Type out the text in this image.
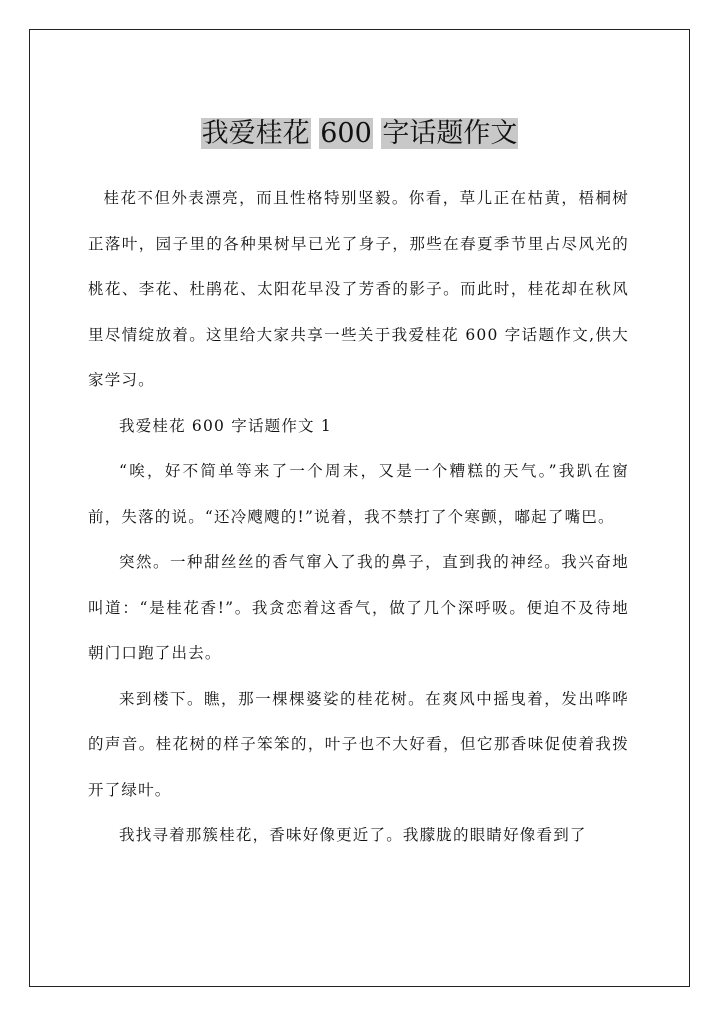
我爱桂花 600 字话题作文

桂花不但外表漂亮，而且性格特别坚毅。你看，草儿正在枯黄，梧桐树正落叶，园子里的各种果树早已光了身子，那些在春夏季节里占尽风光的桃花、李花、杜鹃花、太阳花早没了芳香的影子。而此时，桂花却在秋风里尽情绽放着。这里给大家共享一些关于我爱桂花 600 字话题作文,供大家学习。

我爱桂花 600 字话题作文 1

“唉，好不简单等来了一个周末，又是一个糟糕的天气。”我趴在窗前，失落的说。“还冷飕飕的!”说着，我不禁打了个寒颤，嘟起了嘴巴。

突然。一种甜丝丝的香气窜入了我的鼻子，直到我的神经。我兴奋地叫道：“是桂花香!”。我贪恋着这香气，做了几个深呼吸。便迫不及待地朝门口跑了出去。

来到楼下。瞧，那一棵棵婆娑的桂花树。在爽风中摇曳着，发出哗哗的声音。桂花树的样子笨笨的，叶子也不大好看，但它那香味促使着我拨开了绿叶。

我找寻着那簇桂花，香味好像更近了。我朦胧的眼睛好像看到了
